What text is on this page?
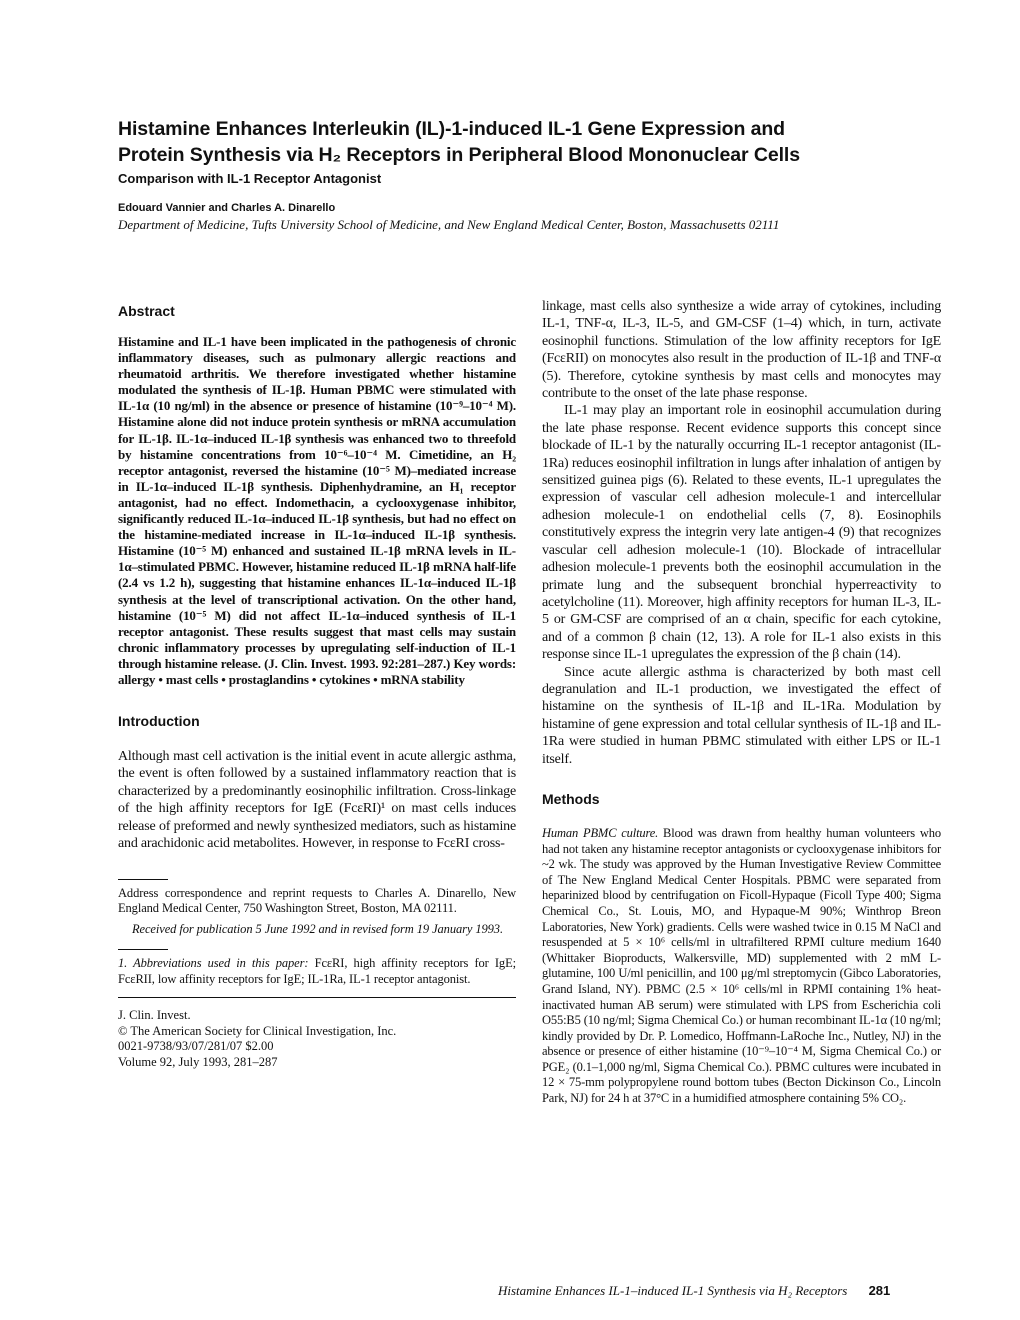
Histamine Enhances Interleukin (IL)-1-induced IL-1 Gene Expression and
Protein Synthesis via H₂ Receptors in Peripheral Blood Mononuclear Cells
Comparison with IL-1 Receptor Antagonist
Edouard Vannier and Charles A. Dinarello
Department of Medicine, Tufts University School of Medicine, and New England Medical Center, Boston, Massachusetts 02111
Abstract

Histamine and IL-1 have been implicated in the pathogenesis of chronic inflammatory diseases, such as pulmonary allergic reactions and rheumatoid arthritis. We therefore investigated whether histamine modulated the synthesis of IL-1β. Human PBMC were stimulated with IL-1α (10 ng/ml) in the absence or presence of histamine (10⁻⁹–10⁻⁴ M). Histamine alone did not induce protein synthesis or mRNA accumulation for IL-1β. IL-1α–induced IL-1β synthesis was enhanced two to threefold by histamine concentrations from 10⁻⁶–10⁻⁴ M. Cimetidine, an H₂ receptor antagonist, reversed the histamine (10⁻⁵ M)–mediated increase in IL-1α–induced IL-1β synthesis. Diphenhydramine, an H₁ receptor antagonist, had no effect. Indomethacin, a cyclooxygenase inhibitor, significantly reduced IL-1α–induced IL-1β synthesis, but had no effect on the histamine-mediated increase in IL-1α–induced IL-1β synthesis. Histamine (10⁻⁵ M) enhanced and sustained IL-1β mRNA levels in IL-1α–stimulated PBMC. However, histamine reduced IL-1β mRNA half-life (2.4 vs 1.2 h), suggesting that histamine enhances IL-1α–induced IL-1β synthesis at the level of transcriptional activation. On the other hand, histamine (10⁻⁵ M) did not affect IL-1α–induced synthesis of IL-1 receptor antagonist. These results suggest that mast cells may sustain chronic inflammatory processes by upregulating self-induction of IL-1 through histamine release. (J. Clin. Invest. 1993. 92:281–287.) Key words: allergy • mast cells • prostaglandins • cytokines • mRNA stability

Introduction

Although mast cell activation is the initial event in acute allergic asthma, the event is often followed by a sustained inflammatory reaction that is characterized by a predominantly eosinophilic infiltration. Cross-linkage of the high affinity receptors for IgE (FcεRI)¹ on mast cells induces release of preformed and newly synthesized mediators, such as histamine and arachidonic acid metabolites. However, in response to FcεRI cross-

Address correspondence and reprint requests to Charles A. Dinarello, New England Medical Center, 750 Washington Street, Boston, MA 02111.

Received for publication 5 June 1992 and in revised form 19 January 1993.

1. Abbreviations used in this paper: FcεRI, high affinity receptors for IgE; FcεRII, low affinity receptors for IgE; IL-1Ra, IL-1 receptor antagonist.

J. Clin. Invest.
© The American Society for Clinical Investigation, Inc.
0021-9738/93/07/281/07 $2.00
Volume 92, July 1993, 281–287

linkage, mast cells also synthesize a wide array of cytokines, including IL-1, TNF-α, IL-3, IL-5, and GM-CSF (1–4) which, in turn, activate eosinophil functions. Stimulation of the low affinity receptors for IgE (FcεRII) on monocytes also result in the production of IL-1β and TNF-α (5). Therefore, cytokine synthesis by mast cells and monocytes may contribute to the onset of the late phase response.

IL-1 may play an important role in eosinophil accumulation during the late phase response. Recent evidence supports this concept since blockade of IL-1 by the naturally occurring IL-1 receptor antagonist (IL-1Ra) reduces eosinophil infiltration in lungs after inhalation of antigen by sensitized guinea pigs (6). Related to these events, IL-1 upregulates the expression of vascular cell adhesion molecule-1 and intercellular adhesion molecule-1 on endothelial cells (7, 8). Eosinophils constitutively express the integrin very late antigen-4 (9) that recognizes vascular cell adhesion molecule-1 (10). Blockade of intracellular adhesion molecule-1 prevents both the eosinophil accumulation in the primate lung and the subsequent bronchial hyperreactivity to acetylcholine (11). Moreover, high affinity receptors for human IL-3, IL-5 or GM-CSF are comprised of an α chain, specific for each cytokine, and of a common β chain (12, 13). A role for IL-1 also exists in this response since IL-1 upregulates the expression of the β chain (14).

Since acute allergic asthma is characterized by both mast cell degranulation and IL-1 production, we investigated the effect of histamine on the synthesis of IL-1β and IL-1Ra. Modulation by histamine of gene expression and total cellular synthesis of IL-1β and IL-1Ra were studied in human PBMC stimulated with either LPS or IL-1 itself.

Methods

Human PBMC culture. Blood was drawn from healthy human volunteers who had not taken any histamine receptor antagonists or cyclooxygenase inhibitors for ~2 wk. The study was approved by the Human Investigative Review Committee of The New England Medical Center Hospitals. PBMC were separated from heparinized blood by centrifugation on Ficoll-Hypaque (Ficoll Type 400; Sigma Chemical Co., St. Louis, MO, and Hypaque-M 90%; Winthrop Breon Laboratories, New York) gradients. Cells were washed twice in 0.15 M NaCl and resuspended at 5 × 10⁶ cells/ml in ultrafiltered RPMI culture medium 1640 (Whittaker Bioproducts, Walkersville, MD) supplemented with 2 mM L-glutamine, 100 U/ml penicillin, and 100 μg/ml streptomycin (Gibco Laboratories, Grand Island, NY). PBMC (2.5 × 10⁶ cells/ml in RPMI containing 1% heat-inactivated human AB serum) were stimulated with LPS from Escherichia coli O55:B5 (10 ng/ml; Sigma Chemical Co.) or human recombinant IL-1α (10 ng/ml; kindly provided by Dr. P. Lomedico, Hoffmann-LaRoche Inc., Nutley, NJ) in the absence or presence of either histamine (10⁻⁹–10⁻⁴ M, Sigma Chemical Co.) or PGE₂ (0.1–1,000 ng/ml, Sigma Chemical Co.). PBMC cultures were incubated in 12 × 75-mm polypropylene round bottom tubes (Becton Dickinson Co., Lincoln Park, NJ) for 24 h at 37°C in a humidified atmosphere containing 5% CO₂.

Histamine Enhances IL-1–induced IL-1 Synthesis via H₂ Receptors 281
